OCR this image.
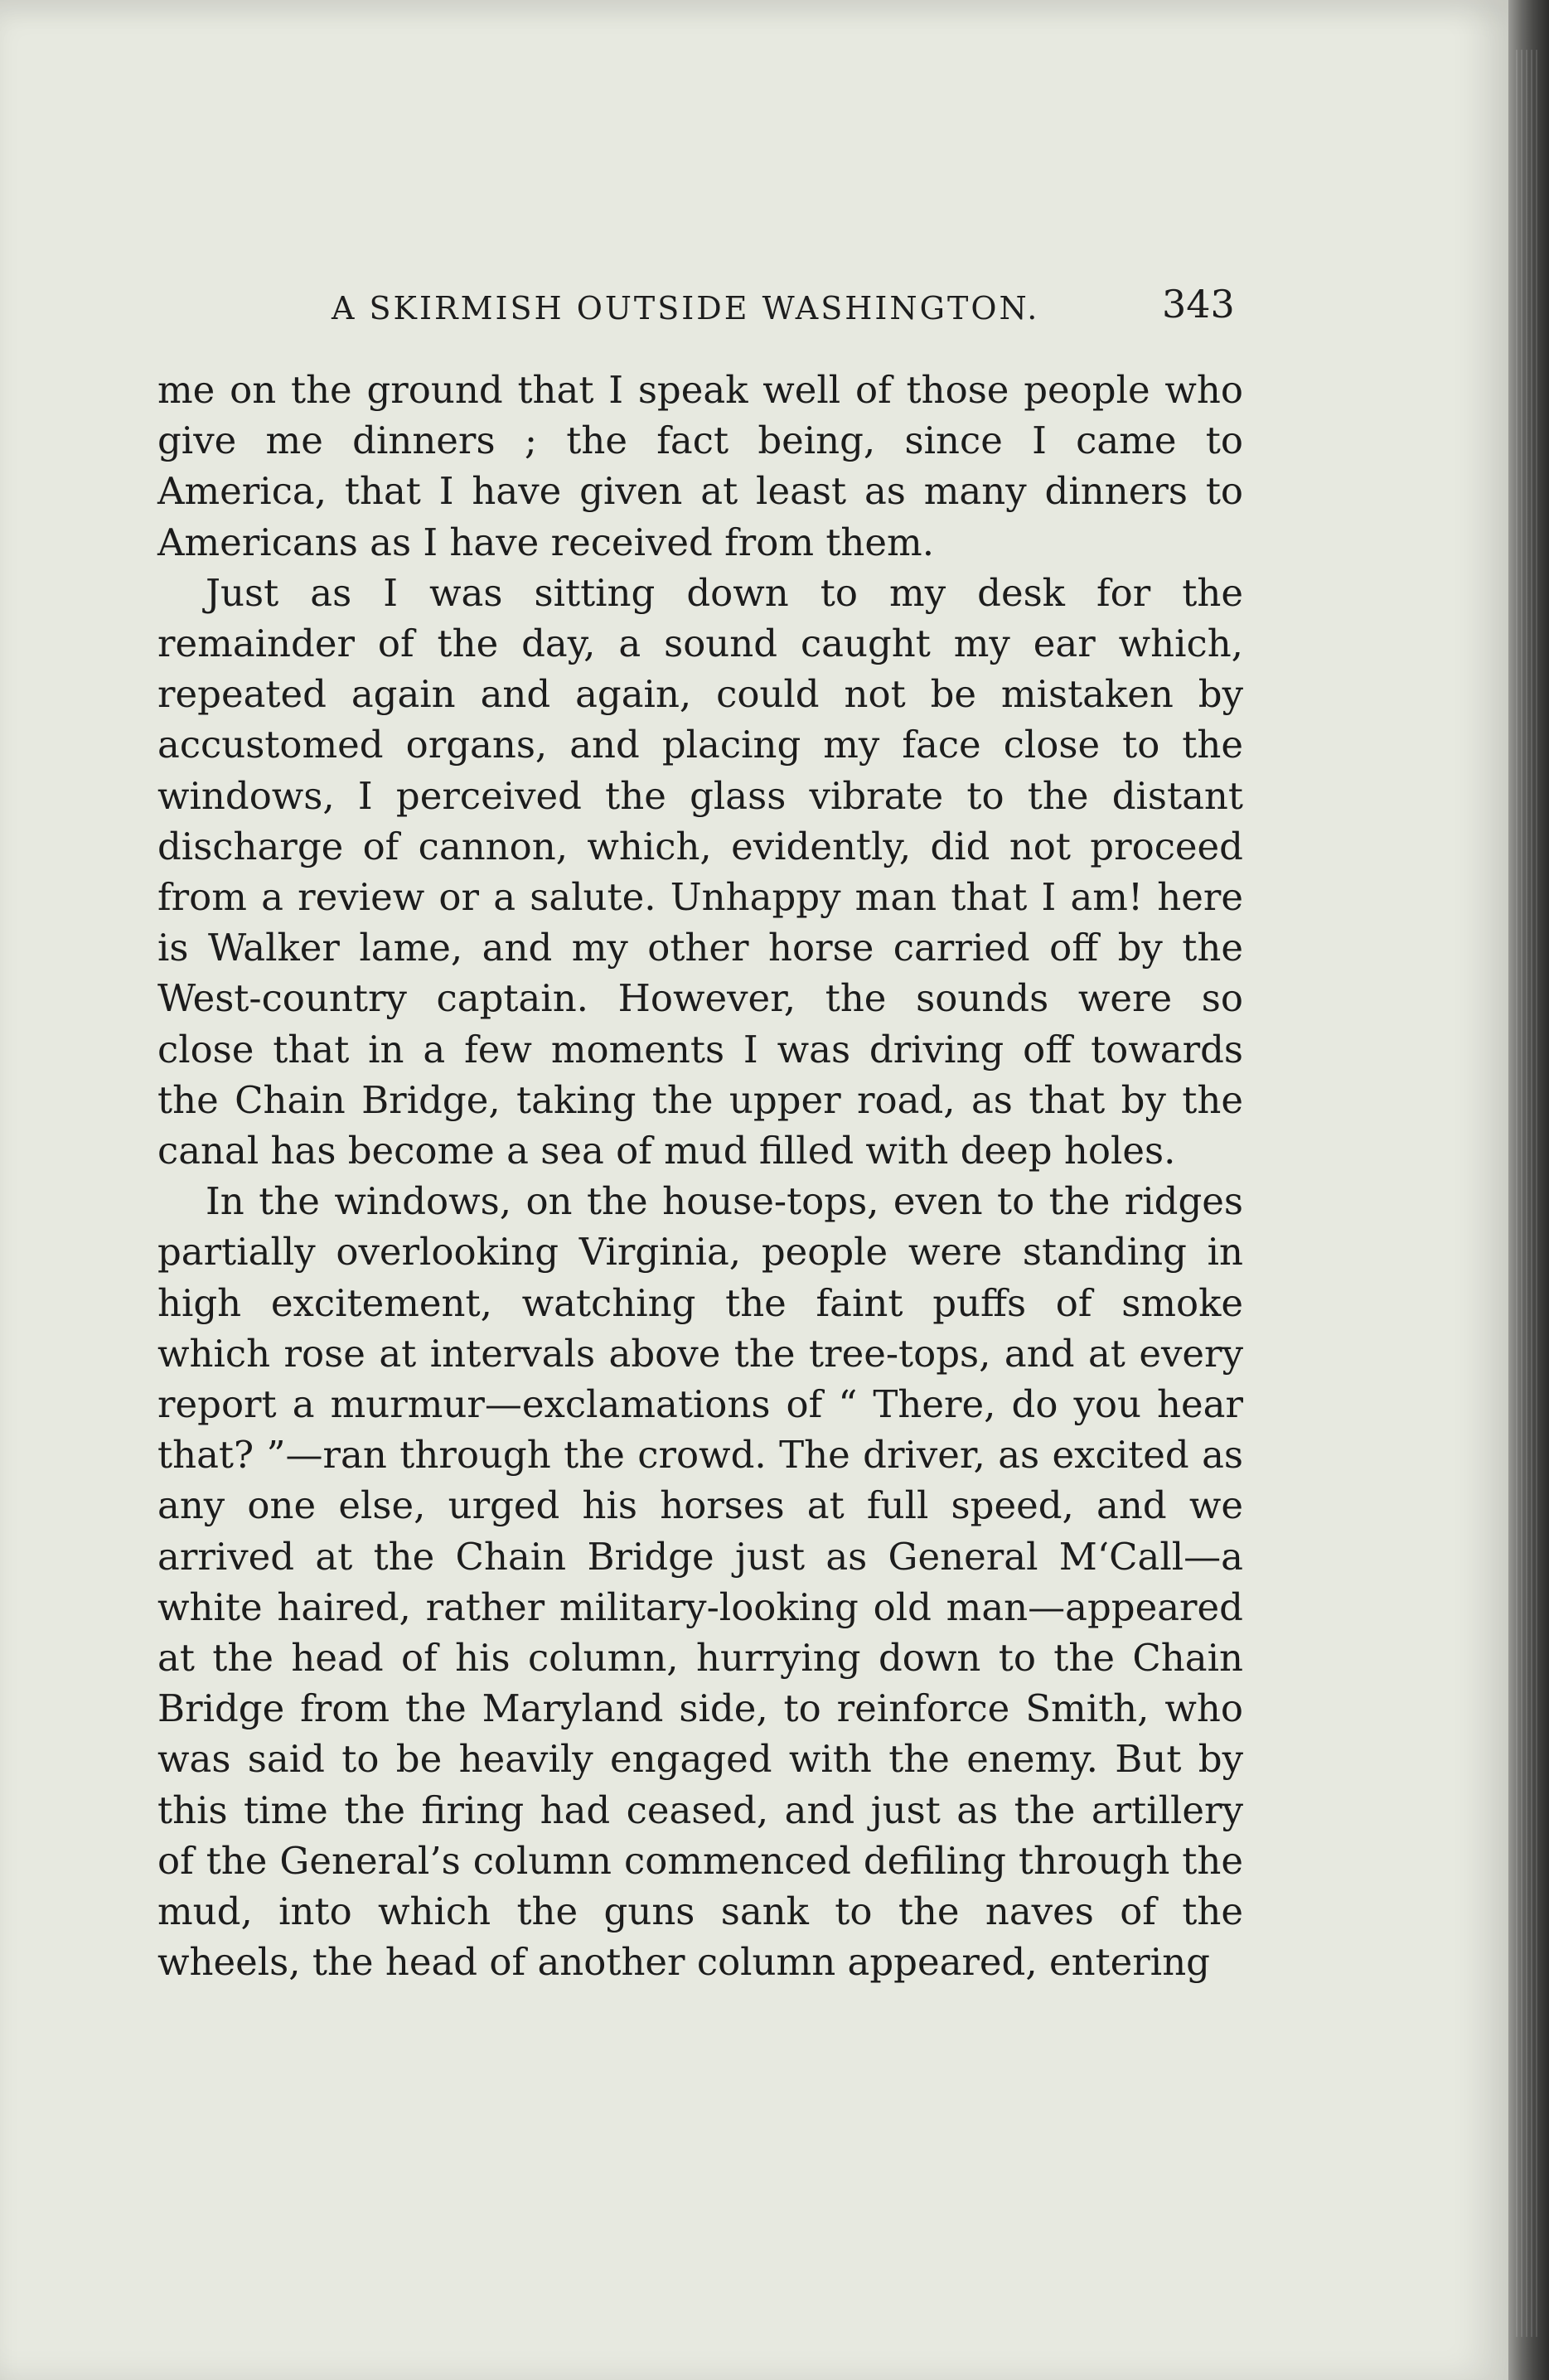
A SKIRMISH OUTSIDE WASHINGTON.	343

me on the ground that I speak well of those people who give me dinners ; the fact being, since I came to America, that I have given at least as many dinners to Americans as I have received from them.

Just as I was sitting down to my desk for the remainder of the day, a sound caught my ear which, repeated again and again, could not be mistaken by accustomed organs, and placing my face close to the windows, I perceived the glass vibrate to the distant discharge of cannon, which, evidently, did not proceed from a review or a salute. Unhappy man that I am! here is Walker lame, and my other horse carried off by the West-country captain. However, the sounds were so close that in a few moments I was driving off towards the Chain Bridge, taking the upper road, as that by the canal has become a sea of mud filled with deep holes.

In the windows, on the house-tops, even to the ridges partially overlooking Virginia, people were standing in high excitement, watching the faint puffs of smoke which rose at intervals above the tree-tops, and at every report a murmur—exclamations of “ There, do you hear that? ”—ran through the crowd. The driver, as excited as any one else, urged his horses at full speed, and we arrived at the Chain Bridge just as General M‘Call—a white haired, rather military-looking old man—appeared at the head of his column, hurrying down to the Chain Bridge from the Maryland side, to reinforce Smith, who was said to be heavily engaged with the enemy. But by this time the firing had ceased, and just as the artillery of the General’s column commenced defiling through the mud, into which the guns sank to the naves of the wheels, the head of another column appeared, entering
